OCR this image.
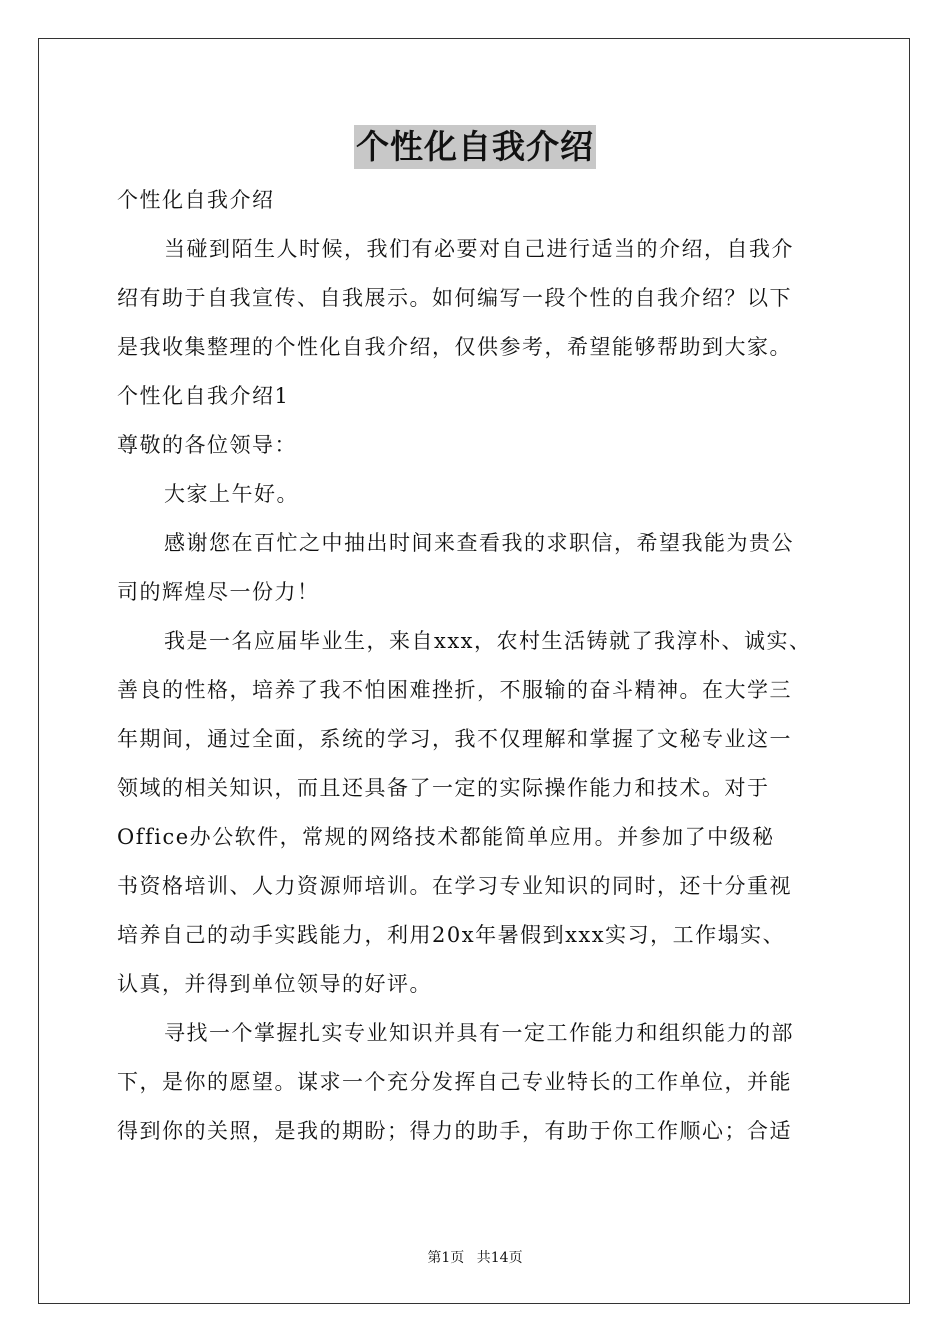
个性化自我介绍

个性化自我介绍

当碰到陌生人时候，我们有必要对自己进行适当的介绍，自我介

绍有助于自我宣传、自我展示。如何编写一段个性的自我介绍？以下

是我收集整理的个性化自我介绍，仅供参考，希望能够帮助到大家。

个性化自我介绍1

尊敬的各位领导：

大家上午好。

感谢您在百忙之中抽出时间来查看我的求职信，希望我能为贵公

司的辉煌尽一份力！

我是一名应届毕业生，来自xxx，农村生活铸就了我淳朴、诚实、

善良的性格，培养了我不怕困难挫折，不服输的奋斗精神。在大学三

年期间，通过全面，系统的学习，我不仅理解和掌握了文秘专业这一

领域的相关知识，而且还具备了一定的实际操作能力和技术。对于

Office办公软件，常规的网络技术都能简单应用。并参加了中级秘

书资格培训、人力资源师培训。在学习专业知识的同时，还十分重视

培养自己的动手实践能力，利用20x年暑假到xxx实习，工作塌实、

认真，并得到单位领导的好评。

寻找一个掌握扎实专业知识并具有一定工作能力和组织能力的部

下，是你的愿望。谋求一个充分发挥自己专业特长的工作单位，并能

得到你的关照，是我的期盼；得力的助手，有助于你工作顺心；合适

第1页 共14页
